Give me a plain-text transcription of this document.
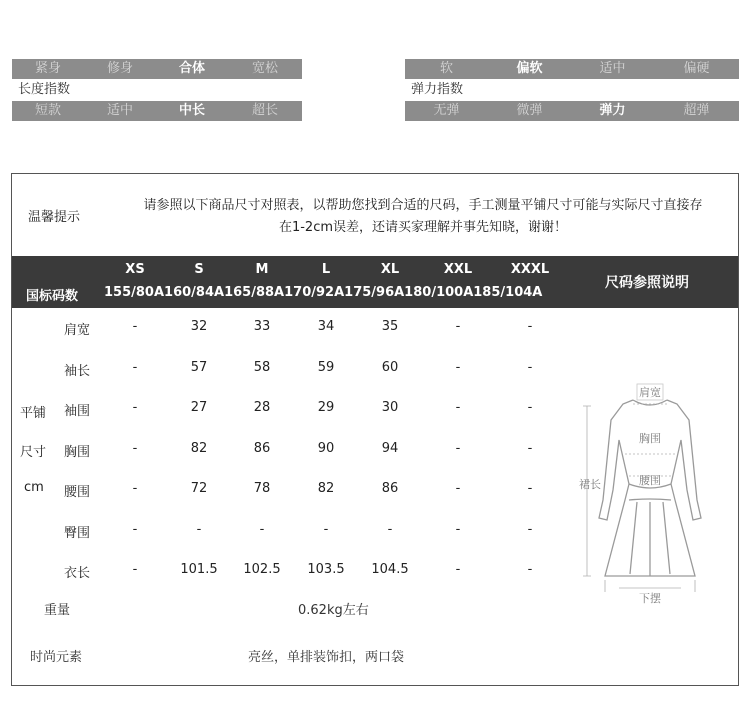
紧身	修身	合体	宽松
长度指数
短款	适中	中长	超长
软	偏软	适中	偏硬
弹力指数
无弹	微弹	弹力	超弹
温馨提示
请参照以下商品尺寸对照表，以帮助您找到合适的尺码，手工测量平铺尺寸可能与实际尺寸直接存
在1-2cm误差，还请买家理解并事先知晓，谢谢！
XS	S	M	L	XL	XXL	XXXL
国标码数 155/80A160/84A165/88A170/92A175/96A180/100A185/104A
尺码参照说明
平铺
尺寸
cm
肩宽	-	32	33	34	35	-	-
袖长	-	57	58	59	60	-	-
袖围	-	27	28	29	30	-	-
胸围	-	82	86	90	94	-	-
腰围	-	72	78	82	86	-	-
臀围	-	-	-	-	-	-	-
衣长	-	101.5	102.5	103.5	104.5	-	-
重量	0.62kg左右
时尚元素	亮丝，单排装饰扣，两口袋
肩宽
胸围
腰围
裙长
下摆
